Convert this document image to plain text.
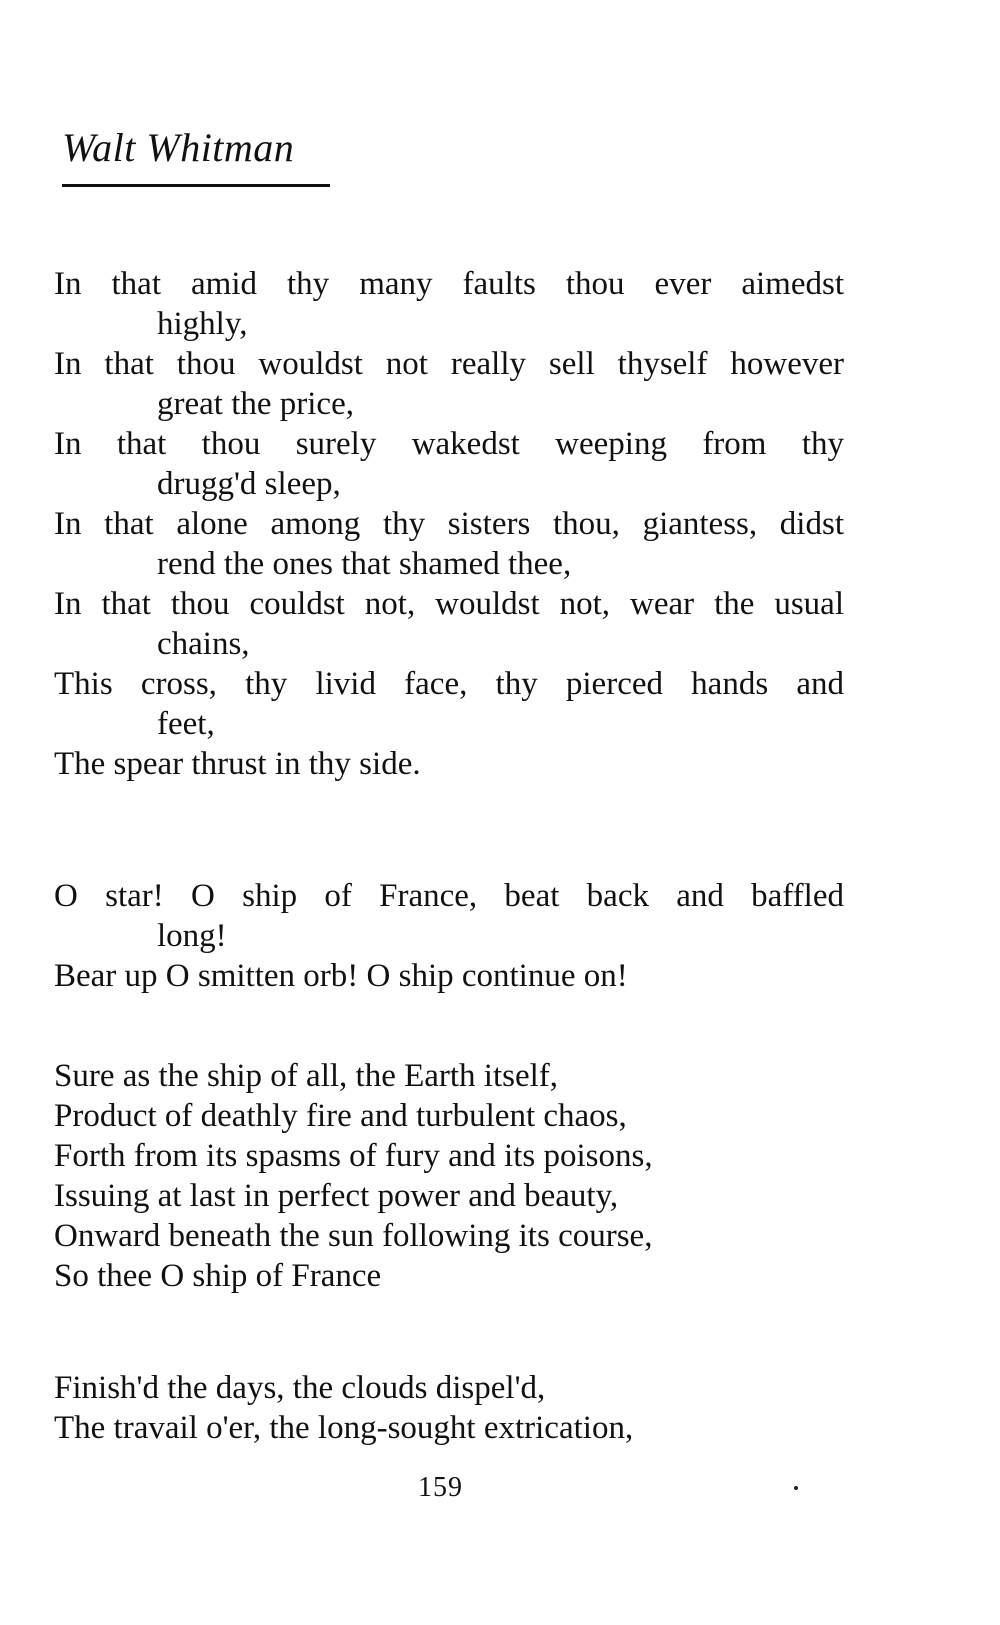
Walt Whitman
In that amid thy many faults thou ever aimedst
highly,
In that thou wouldst not really sell thyself however
great the price,
In that thou surely wakedst weeping from thy
drugg'd sleep,
In that alone among thy sisters thou, giantess, didst
rend the ones that shamed thee,
In that thou couldst not, wouldst not, wear the usual
chains,
This cross, thy livid face, thy pierced hands and
feet,
The spear thrust in thy side.
O star! O ship of France, beat back and baffled
long!
Bear up O smitten orb! O ship continue on!
Sure as the ship of all, the Earth itself,
Product of deathly fire and turbulent chaos,
Forth from its spasms of fury and its poisons,
Issuing at last in perfect power and beauty,
Onward beneath the sun following its course,
So thee O ship of France
Finish'd the days, the clouds dispel'd,
The travail o'er, the long-sought extrication,
159
